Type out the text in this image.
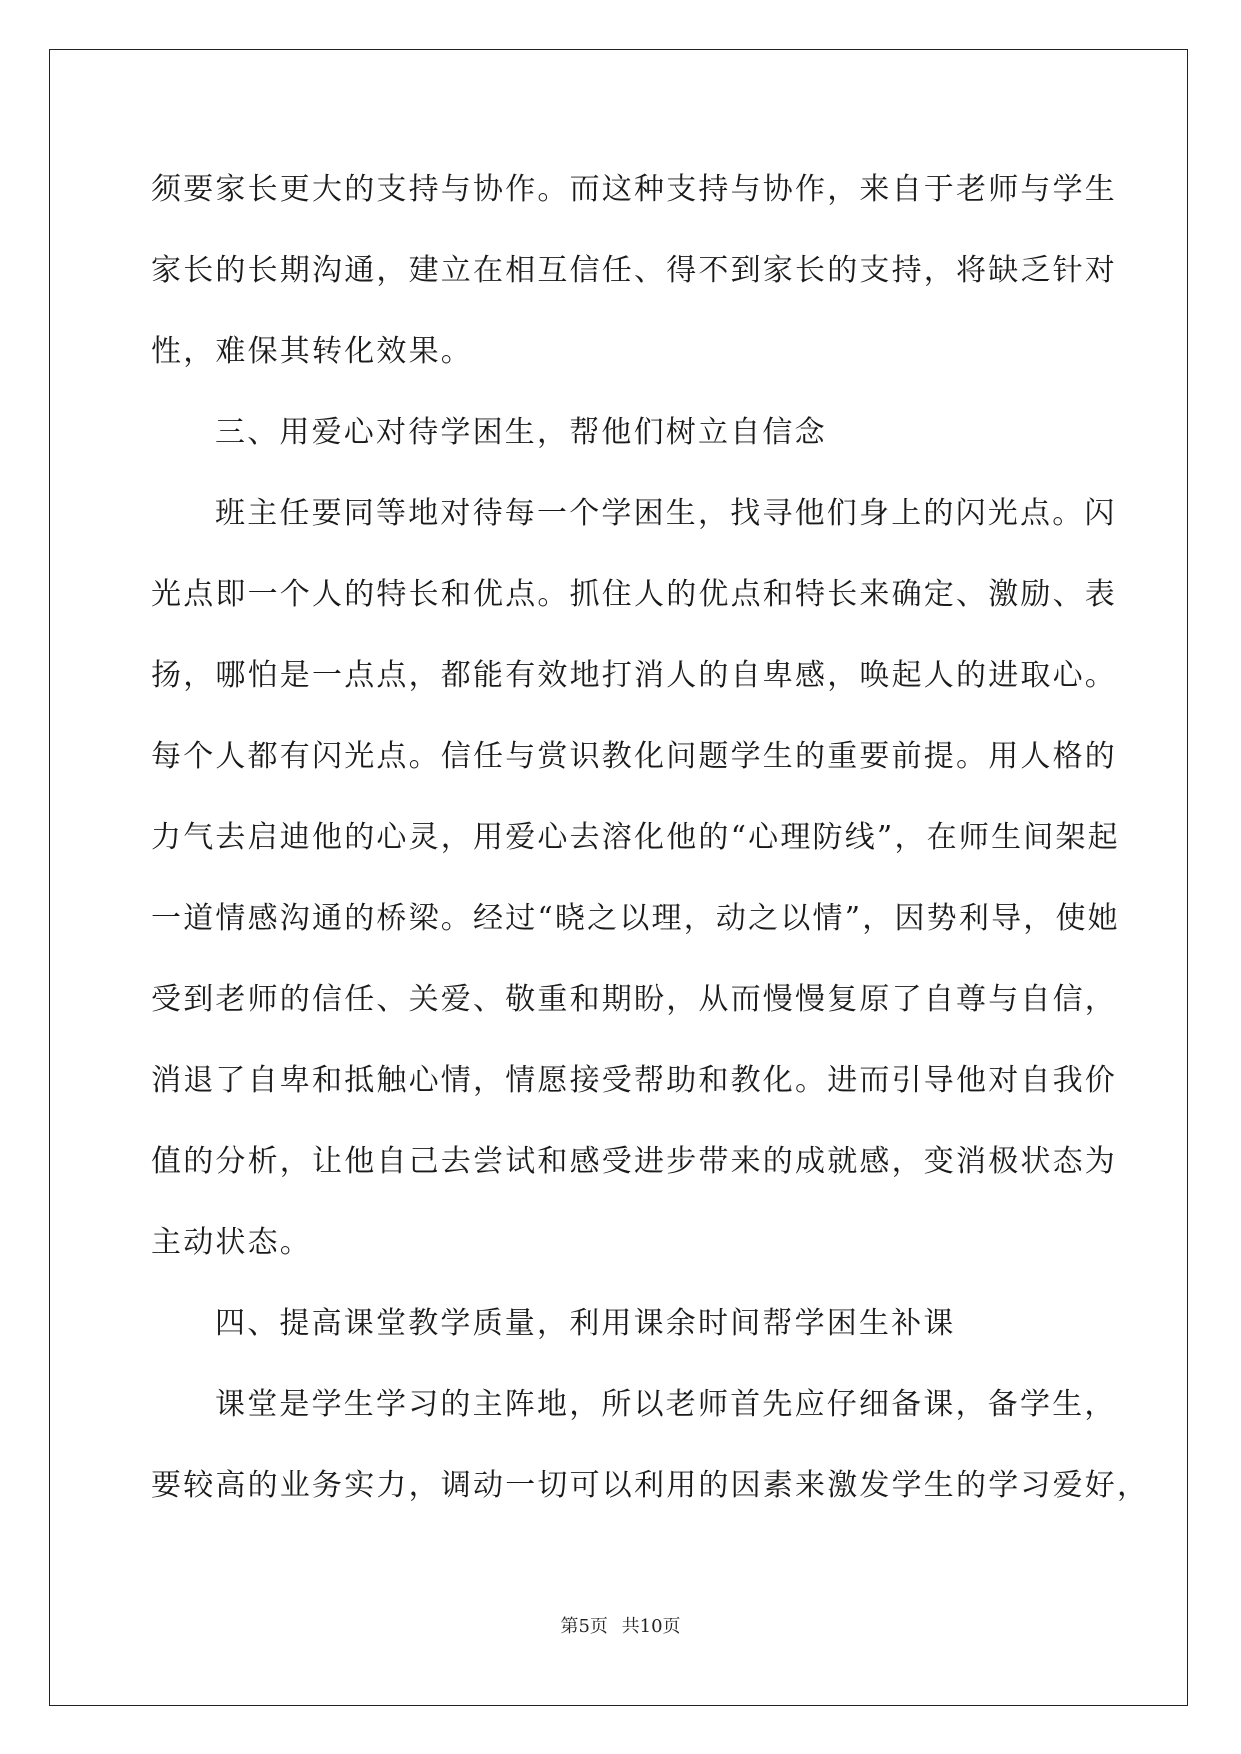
须要家长更大的支持与协作。而这种支持与协作，来自于老师与学生
家长的长期沟通，建立在相互信任、得不到家长的支持，将缺乏针对
性，难保其转化效果。
三、用爱心对待学困生，帮他们树立自信念
班主任要同等地对待每一个学困生，找寻他们身上的闪光点。闪
光点即一个人的特长和优点。抓住人的优点和特长来确定、激励、表
扬，哪怕是一点点，都能有效地打消人的自卑感，唤起人的进取心。
每个人都有闪光点。信任与赏识教化问题学生的重要前提。用人格的
力气去启迪他的心灵，用爱心去溶化他的“心理防线”，在师生间架起
一道情感沟通的桥梁。经过“晓之以理，动之以情”，因势利导，使她
受到老师的信任、关爱、敬重和期盼，从而慢慢复原了自尊与自信，
消退了自卑和抵触心情，情愿接受帮助和教化。进而引导他对自我价
值的分析，让他自己去尝试和感受进步带来的成就感，变消极状态为
主动状态。
四、提高课堂教学质量，利用课余时间帮学困生补课
课堂是学生学习的主阵地，所以老师首先应仔细备课，备学生，
要较高的业务实力，调动一切可以利用的因素来激发学生的学习爱好，
第5页 共10页
